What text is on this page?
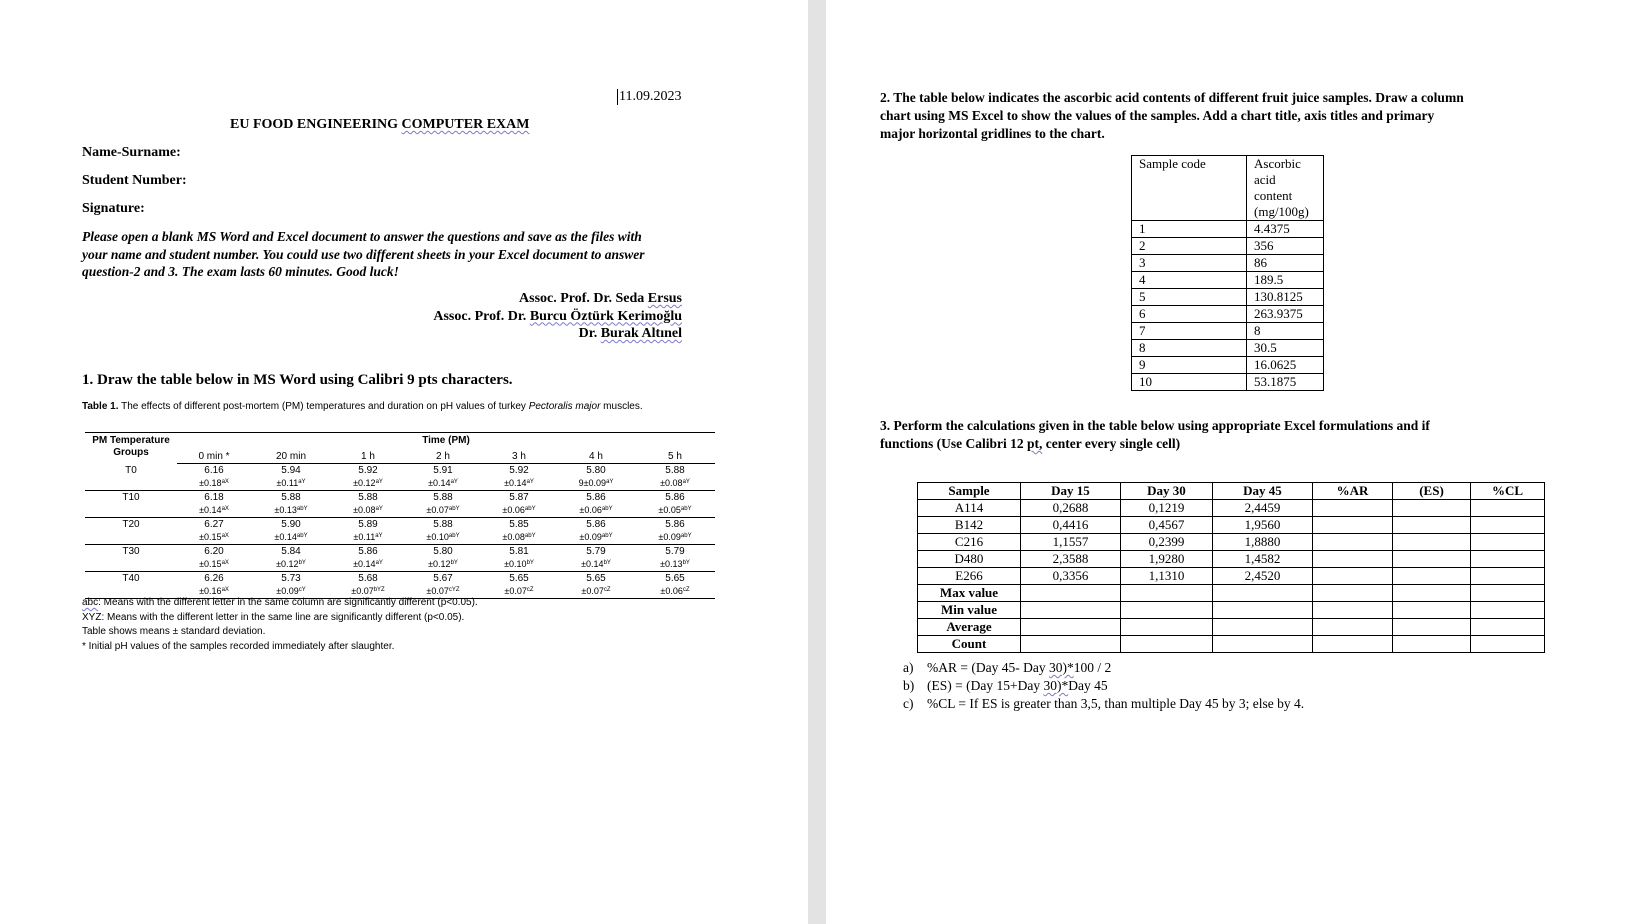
11.09.2023
EU FOOD ENGINEERING COMPUTER EXAM
Name-Surname:
Student Number:
Signature:
Please open a blank MS Word and Excel document to answer the questions and save as the files with
your name and student number. You could use two different sheets in your Excel document to answer
question-2 and 3. The exam lasts 60 minutes. Good luck!
Assoc. Prof. Dr. Seda Ersus
Assoc. Prof. Dr. Burcu Öztürk Kerimoğlu
Dr. Burak Altınel
1. Draw the table below in MS Word using Calibri 9 pts characters.
Table 1. The effects of different post-mortem (PM) temperatures and duration on pH values of turkey Pectoralis major muscles.
PM Temperature	Time (PM)						
Groups	0 min *	20 min	1 h	2 h	3 h	4 h	5 h
T0	6.16	5.94	5.92	5.91	5.92	5.80	5.88
	$\pm 0.18^{aX}$	$\pm 0.11^{aY}$	$\pm 0.12^{aY}$	$\pm 0.14^{aY}$	$\pm 0.14^{aY}$	$9\pm 0.09^{aY}$	$\pm 0.08^{aY}$
T10	6.18	5.88	5.88	5.88	5.87	5.86	5.86
	$\pm 0.14^{aX}$	$\pm 0.13^{abY}$	$\pm 0.08^{aY}$	$\pm 0.07^{abY}$	$\pm 0.06^{abY}$	$\pm 0.06^{abY}$	$\pm 0.05^{abY}$
T20	6.27	5.90	5.89	5.88	5.85	5.86	5.86
	$\pm 0.15^{aX}$	$\pm 0.14^{abY}$	$\pm 0.11^{aY}$	$\pm 0.10^{abY}$	$\pm 0.08^{abY}$	$\pm 0.09^{abY}$	$\pm 0.09^{abY}$
T30	6.20	5.84	5.86	5.80	5.81	5.79	5.79
	$\pm 0.15^{aX}$	$\pm 0.12^{bY}$	$\pm 0.14^{aY}$	$\pm 0.12^{bY}$	$\pm 0.10^{bY}$	$\pm 0.14^{bY}$	$\pm 0.13^{bY}$
T40	6.26	5.73	5.68	5.67	5.65	5.65	5.65
	$\pm 0.16^{aX}$	$\pm 0.09^{cY}$	$\pm 0.07^{bYZ}$	$\pm 0.07^{cYZ}$	$\pm 0.07^{cZ}$	$\pm 0.07^{cZ}$	$\pm 0.06^{cZ}$
abc: Means with the different letter in the same column are significantly different (p<0.05).
XYZ: Means with the different letter in the same line are significantly different (p<0.05).
Table shows means ± standard deviation.
* Initial pH values of the samples recorded immediately after slaughter.
2. The table below indicates the ascorbic acid contents of different fruit juice samples. Draw a column
chart using MS Excel to show the values of the samples. Add a chart title, axis titles and primary
major horizontal gridlines to the chart.
Sample code	Ascorbic acid content (mg/100g)
1	4.4375
2	356
3	86
4	189.5
5	130.8125
6	263.9375
7	8
8	30.5
9	16.0625
10	53.1875
3. Perform the calculations given in the table below using appropriate Excel formulations and if
functions (Use Calibri 12 pt, center every single cell)
Sample	Day 15	Day 30	Day 45	%AR	(ES)	%CL
A114	0,2688	0,1219	2,4459			
B142	0,4416	0,4567	1,9560			
C216	1,1557	0,2399	1,8880			
D480	2,3588	1,9280	1,4582			
E266	0,3356	1,1310	2,4520			
Max value						
Min value						
Average						
Count						
a) %AR = (Day 45- Day 30)*100 / 2
b) (ES) = (Day 15+Day 30)*Day 45
c) %CL = If ES is greater than 3,5, than multiple Day 45 by 3; else by 4.
